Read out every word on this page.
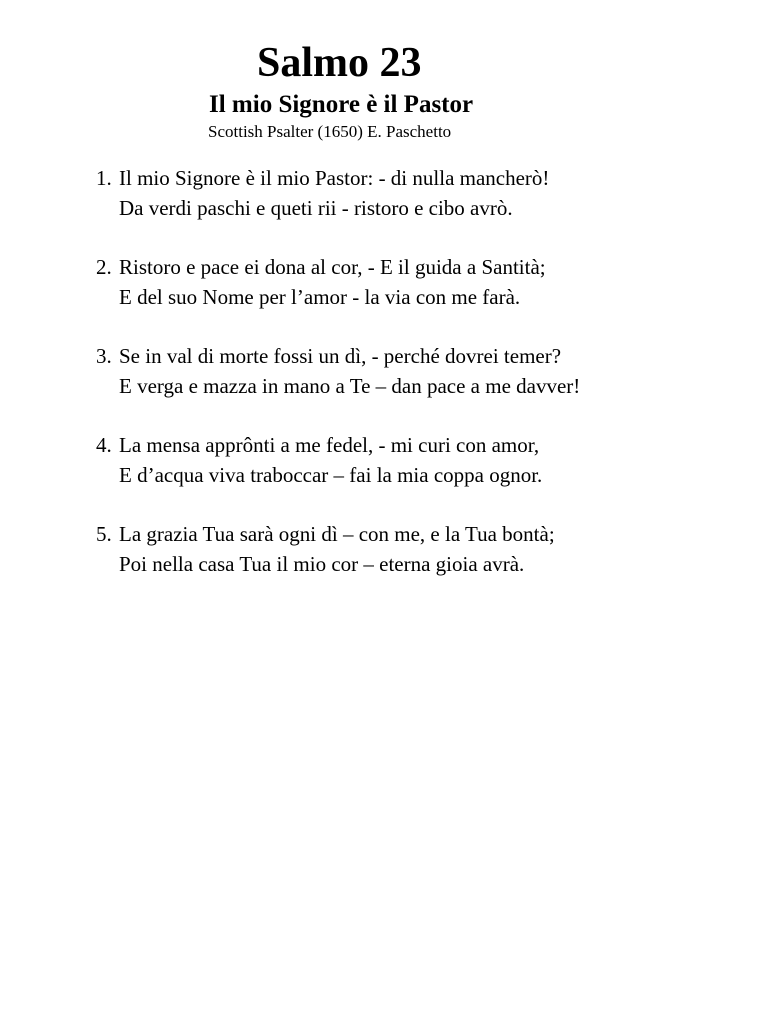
Salmo 23
Il mio Signore è il Pastor

Scottish Psalter (1650) E. Paschetto

1. Il mio Signore è il mio Pastor: - di nulla mancherò!
Da verdi paschi e queti rii - ristoro e cibo avrò.
2. Ristoro e pace ei dona al cor, - E il guida a Santità;
E del suo Nome per l’amor - la via con me farà.
3. Se in val di morte fossi un dì, - perché dovrei temer?
E verga e mazza in mano a Te – dan pace a me davver!
4. La mensa apprônti a me fedel, - mi curi con amor,
E d’acqua viva traboccar – fai la mia coppa ognor.
5. La grazia Tua sarà ogni dì – con me, e la Tua bontà;
Poi nella casa Tua il mio cor – eterna gioia avrà.
